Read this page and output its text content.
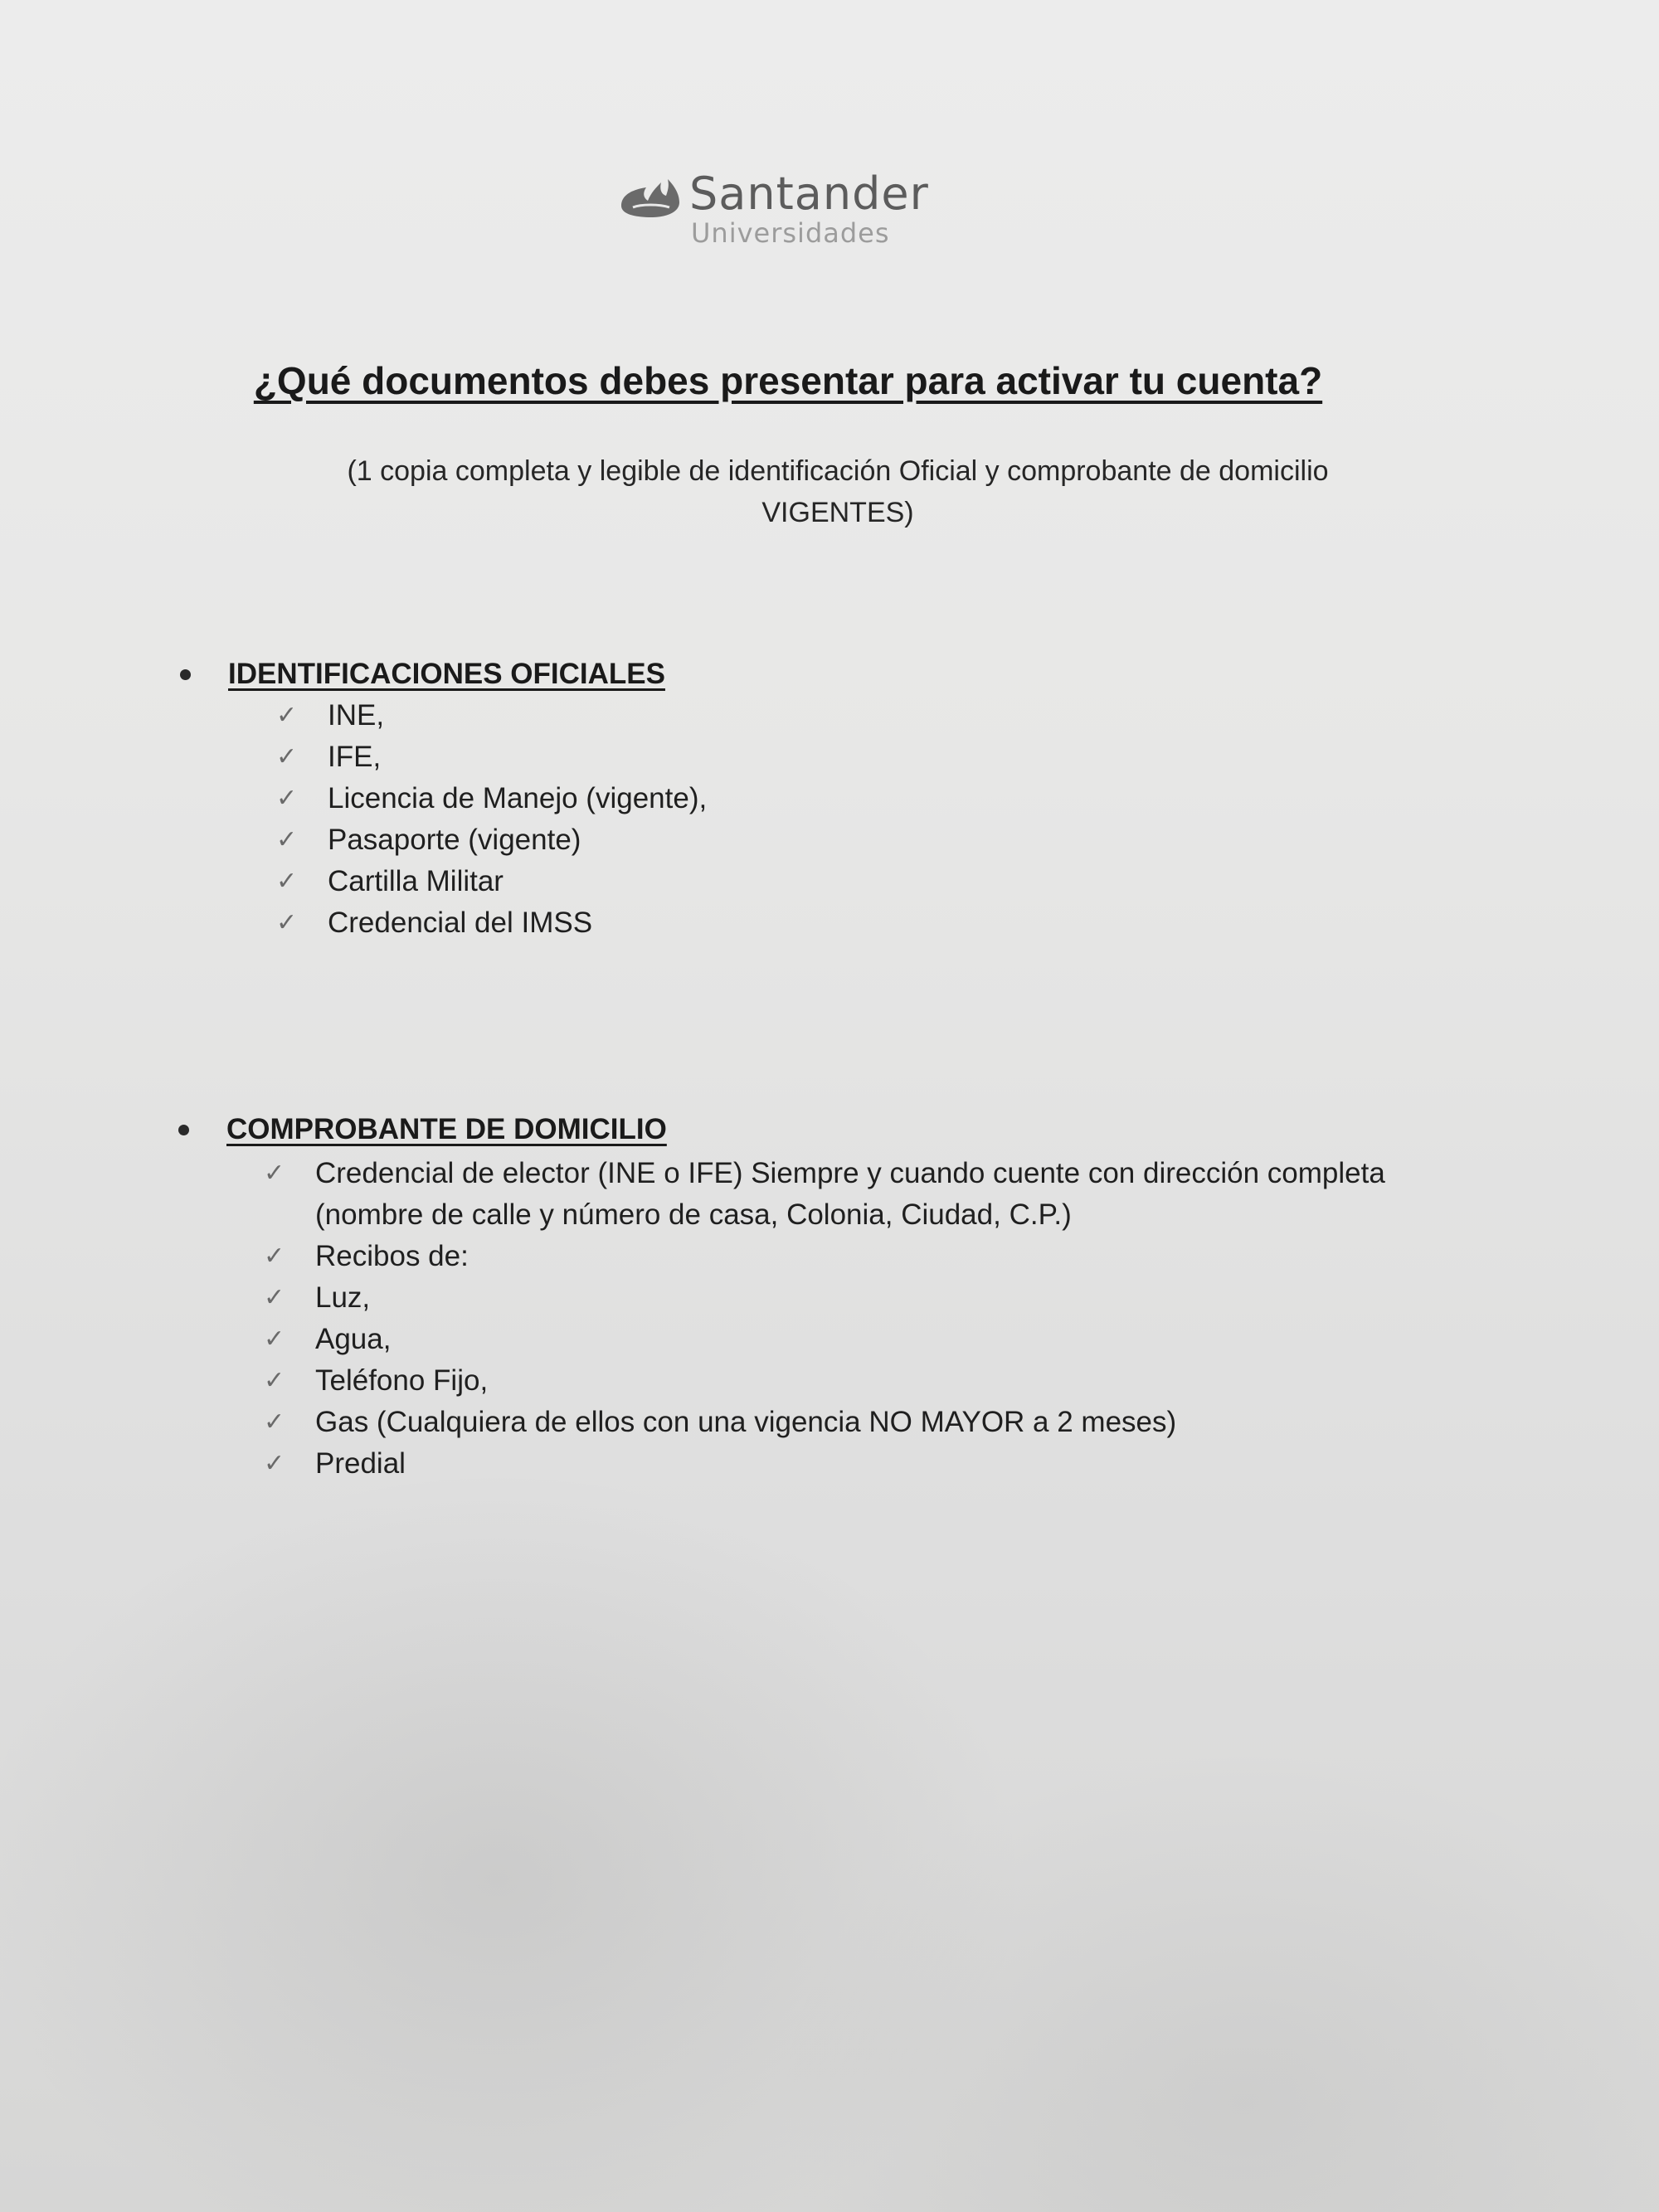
Santander
Universidades
¿Qué documentos debes presentar para activar tu cuenta?
(1 copia completa y legible de identificación Oficial y comprobante de domicilio VIGENTES)
IDENTIFICACIONES OFICIALES
✓ INE,
✓ IFE,
✓ Licencia de Manejo (vigente),
✓ Pasaporte (vigente)
✓ Cartilla Militar
✓ Credencial del IMSS
COMPROBANTE DE DOMICILIO
✓ Credencial de elector (INE o IFE) Siempre y cuando cuente con dirección completa (nombre de calle y número de casa, Colonia, Ciudad, C.P.)
✓ Recibos de:
✓ Luz,
✓ Agua,
✓ Teléfono Fijo,
✓ Gas (Cualquiera de ellos con una vigencia NO MAYOR a 2 meses)
✓ Predial
